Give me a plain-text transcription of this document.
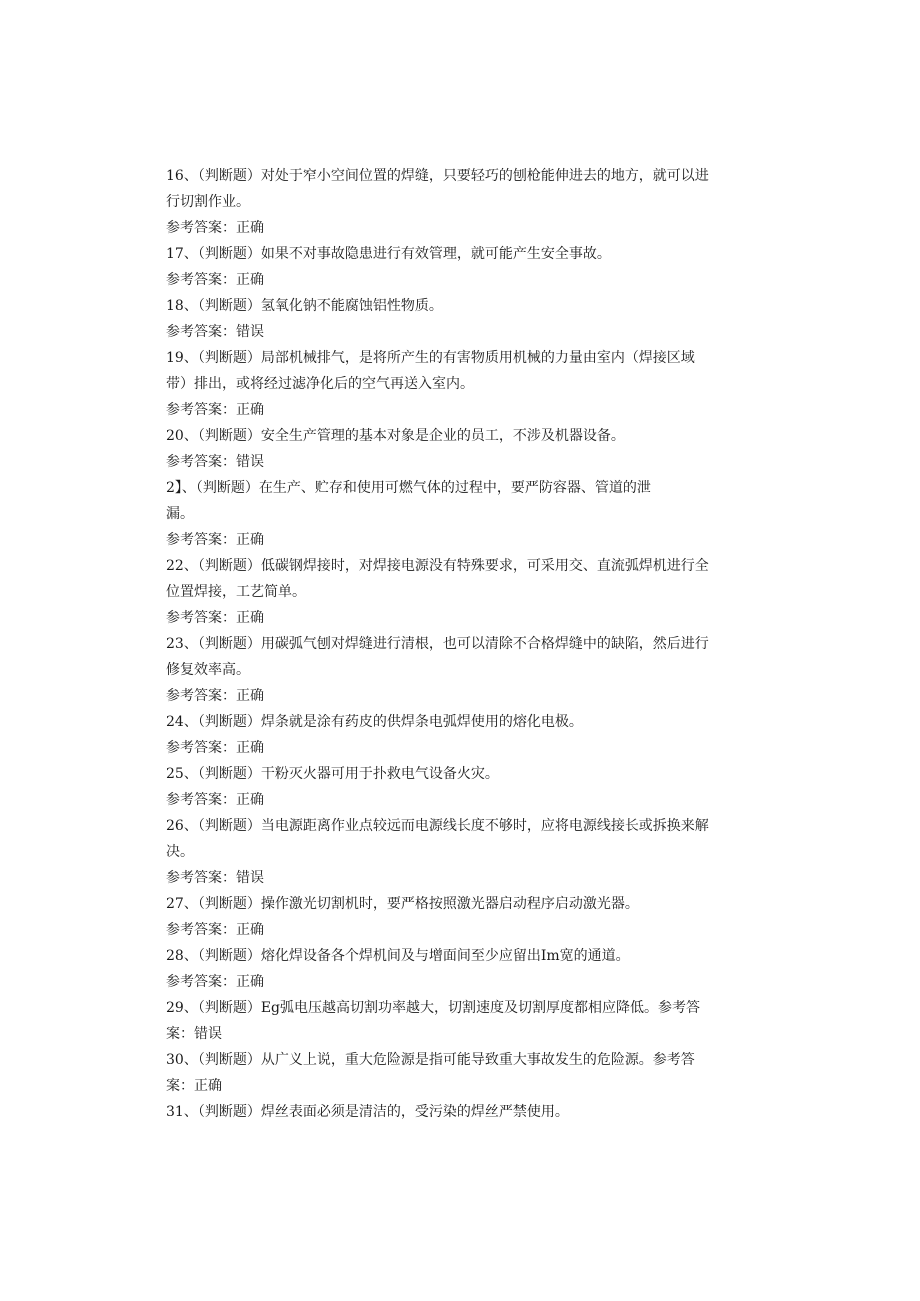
16、（判断题）对处于窄小空间位置的焊缝，只要轻巧的刨枪能伸进去的地方，就可以进
行切割作业。
参考答案：正确
17、（判断题）如果不对事故隐患进行有效管理，就可能产生安全事故。
参考答案：正确
18、（判断题）氢氧化钠不能腐蚀铝性物质。
参考答案：错误
19、（判断题）局部机械排气，是将所产生的有害物质用机械的力量由室内（焊接区域
带）排出，或将经过滤净化后的空气再送入室内。
参考答案：正确
20、（判断题）安全生产管理的基本对象是企业的员工，不涉及机器设备。
参考答案：错误
2】、（判断题）在生产、贮存和使用可燃气体的过程中，要严防容器、管道的泄
漏。
参考答案：正确
22、（判断题）低碳钢焊接时，对焊接电源没有特殊要求，可采用交、直流弧焊机进行全
位置焊接，工艺简单。
参考答案：正确
23、（判断题）用碳弧气刨对焊缝进行清根，也可以清除不合格焊缝中的缺陷，然后进行
修复效率高。
参考答案：正确
24、（判断题）焊条就是涂有药皮的供焊条电弧焊使用的熔化电极。
参考答案：正确
25、（判断题）干粉灭火器可用于扑救电气设备火灾。
参考答案：正确
26、（判断题）当电源距离作业点较远而电源线长度不够时，应将电源线接长或拆换来解
决。
参考答案：错误
27、（判断题）操作激光切割机时，要严格按照激光器启动程序启动激光器。
参考答案：正确
28、（判断题）熔化焊设备各个焊机间及与增面间至少应留出Im宽的通道。
参考答案：正确
29、（判断题）Eg弧电压越高切割功率越大，切割速度及切割厚度都相应降低。参考答
案：错误
30、（判断题）从广义上说，重大危险源是指可能导致重大事故发生的危险源。参考答
案：正确
31、（判断题）焊丝表面必须是清洁的，受污染的焊丝严禁使用。
